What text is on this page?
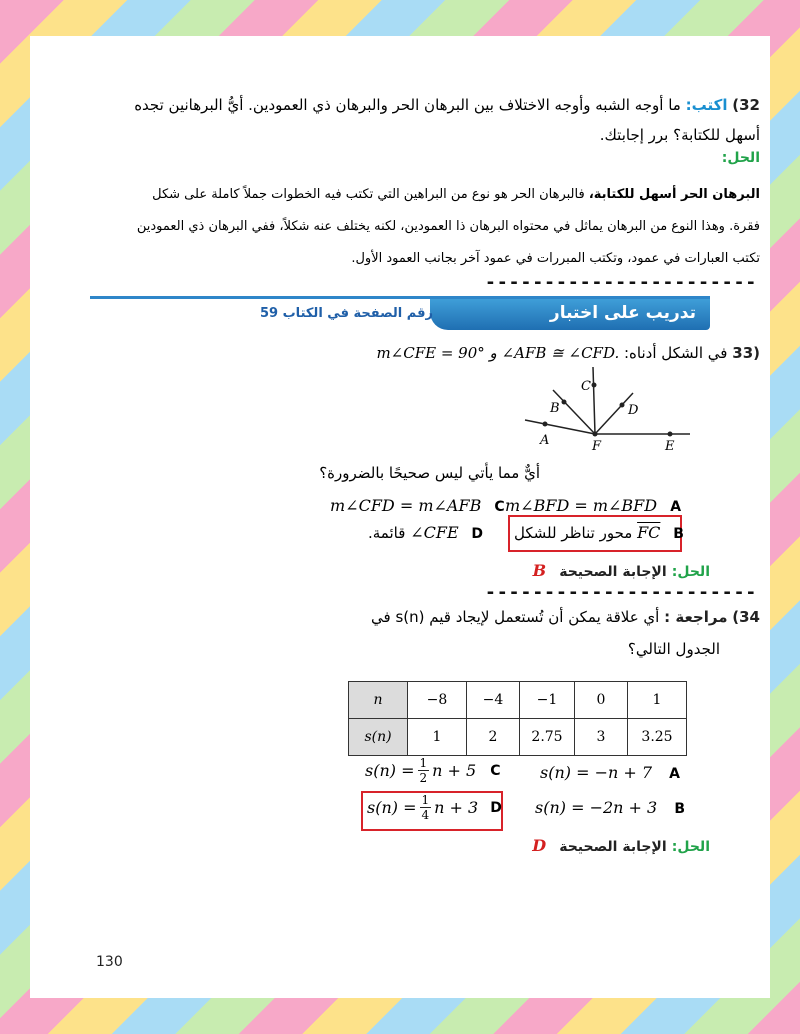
32) اكتب: ما أوجه الشبه وأوجه الاختلاف بين البرهان الحر والبرهان ذي العمودين. أيُّ البرهانين تجده
أسهل للكتابة؟ برر إجابتك.
الحل:
البرهان الحر أسهل للكتابة، فالبرهان الحر هو نوع من البراهين التي تكتب فيه الخطوات جملاً كاملة على شكل
فقرة. وهذا النوع من البرهان يماثل في محتواه البرهان ذا العمودين، لكنه يختلف عنه شكلاً، ففي البرهان ذي العمودين
تكتب العبارات في عمود، وتكتب المبررات في عمود آخر بجانب العمود الأول.
-----------------------
تدريب على اختبار
رقم الصفحة في الكتاب 59
m∠CFE = 90° و ∠AFB ≅ ∠CFD. في الشكل أدناه: 33)
A
B
C
D
E
F
أيٌّ مما يأتي ليس صحيحًا بالضرورة؟
m∠BFD = m∠BFD A
m∠CFD = m∠AFB C
محور تناظر للشكل $\overline{FC}$ B
قائمة. ∠CFE D
B الإجابة الصحيحة الحل:
-----------------------
34) مراجعة : أي علاقة يمكن أن تُستعمل لإيجاد قيم s(n) في
الجدول التالي؟
n	−8	−4	−1	0	1
s(n)	1	2	2.75	3	3.25
s(n) = −n + 7 A
s(n) = −2n + 3 B
$s(n) = \frac{1}{2}$ n + 5 C
$s(n) = \frac{1}{4}$ n + 3 D
D الإجابة الصحيحة الحل:
130
